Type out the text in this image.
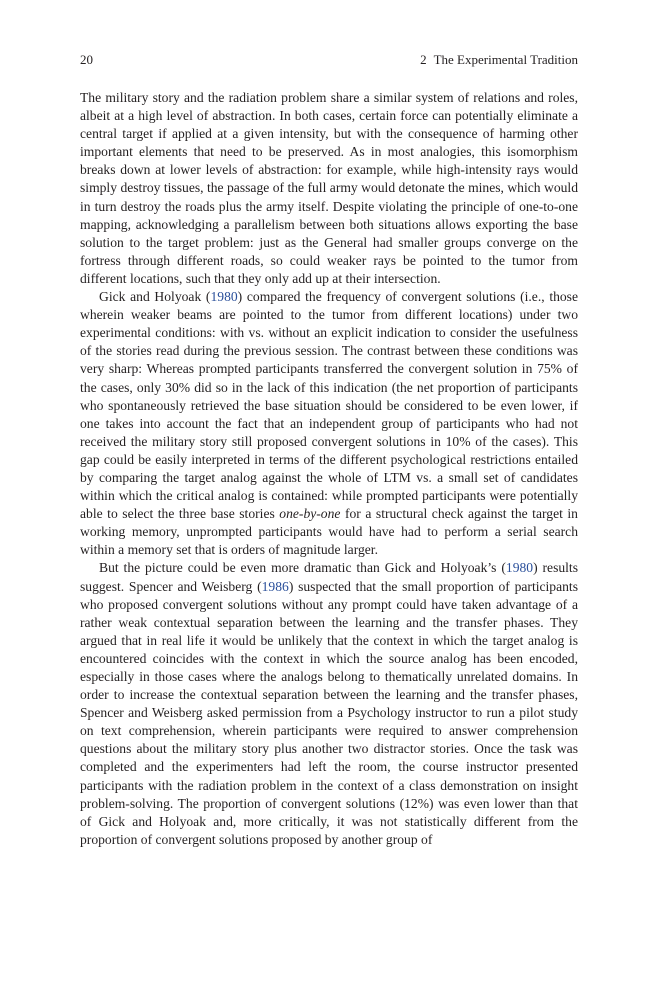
20	2 The Experimental Tradition

The military story and the radiation problem share a similar system of relations and roles, albeit at a high level of abstraction. In both cases, certain force can potentially eliminate a central target if applied at a given intensity, but with the consequence of harming other important elements that need to be preserved. As in most analogies, this isomorphism breaks down at lower levels of abstraction: for example, while high-intensity rays would simply destroy tissues, the passage of the full army would detonate the mines, which would in turn destroy the roads plus the army itself. Despite violating the principle of one-to-one mapping, acknowledging a parallelism between both situations allows exporting the base solution to the target problem: just as the General had smaller groups converge on the fortress through different roads, so could weaker rays be pointed to the tumor from different locations, such that they only add up at their intersection.

Gick and Holyoak (1980) compared the frequency of convergent solutions (i.e., those wherein weaker beams are pointed to the tumor from different locations) under two experimental conditions: with vs. without an explicit indication to consider the usefulness of the stories read during the previous session. The contrast between these conditions was very sharp: Whereas prompted participants transferred the convergent solution in 75% of the cases, only 30% did so in the lack of this indication (the net proportion of participants who spontaneously retrieved the base situation should be considered to be even lower, if one takes into account the fact that an independent group of participants who had not received the military story still proposed convergent solutions in 10% of the cases). This gap could be easily interpreted in terms of the different psychological restrictions entailed by comparing the target analog against the whole of LTM vs. a small set of candidates within which the critical analog is contained: while prompted participants were potentially able to select the three base stories one-by-one for a structural check against the target in working memory, unprompted participants would have had to perform a serial search within a memory set that is orders of magnitude larger.

But the picture could be even more dramatic than Gick and Holyoak’s (1980) results suggest. Spencer and Weisberg (1986) suspected that the small proportion of participants who proposed convergent solutions without any prompt could have taken advantage of a rather weak contextual separation between the learning and the transfer phases. They argued that in real life it would be unlikely that the context in which the target analog is encountered coincides with the context in which the source analog has been encoded, especially in those cases where the analogs belong to thematically unrelated domains. In order to increase the contextual separation between the learning and the transfer phases, Spencer and Weisberg asked permission from a Psychology instructor to run a pilot study on text comprehension, wherein participants were required to answer comprehension questions about the military story plus another two distractor stories. Once the task was completed and the experimenters had left the room, the course instructor presented participants with the radiation problem in the context of a class demonstration on insight problem-solving. The proportion of convergent solutions (12%) was even lower than that of Gick and Holyoak and, more critically, it was not statistically different from the proportion of convergent solutions proposed by another group of
